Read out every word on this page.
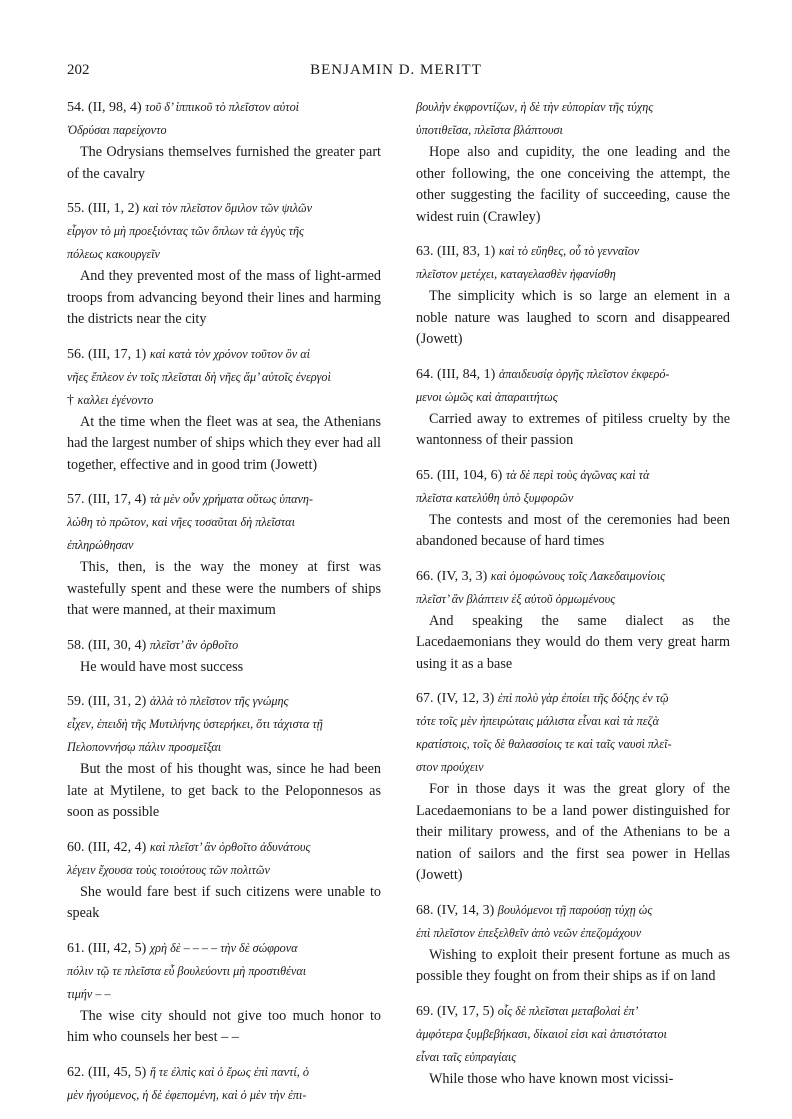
202	BENJAMIN D. MERITT
54. (II, 98, 4) τοῦ δ’ ἱππικοῦ τὸ πλεῖστον αὐτοὶ
Ὀδρύσαι παρείχοντο
The Odrysians themselves furnished the greater part of the cavalry
55. (III, 1, 2) καὶ τὸν πλεῖστον ὅμιλον τῶν ψιλῶν
εἶργον τὸ μὴ προεξιόντας τῶν ὅπλων τὰ ἐγγὺς τῆς
πόλεως κακουργεῖν
And they prevented most of the mass of light-armed troops from advancing beyond their lines and harming the districts near the city
56. (III, 17, 1) καὶ κατὰ τὸν χρόνον τοῦτον ὃν αἱ
νῆες ἔπλεον ἐν τοῖς πλεῖσται δὴ νῆες ἅμ’ αὐτοῖς ἐνεργοὶ
† καλλει ἐγένοντο
At the time when the fleet was at sea, the Athenians had the largest number of ships which they ever had all together, effective and in good trim (Jowett)
57. (III, 17, 4) τὰ μὲν οὖν χρήματα οὕτως ὑπανη-
λώθη τὸ πρῶτον, καὶ νῆες τοσαῦται δὴ πλεῖσται
ἐπληρώθησαν
This, then, is the way the money at first was wastefully spent and these were the numbers of ships that were manned, at their maximum
58. (III, 30, 4) πλεῖστ’ ἂν ὀρθοῖτο
He would have most success
59. (III, 31, 2) ἀλλὰ τὸ πλεῖστον τῆς γνώμης
εἶχεν, ἐπειδὴ τῆς Μυτιλήνης ὑστερήκει, ὅτι τάχιστα τῇ
Πελοποννήσῳ πάλιν προσμεῖξαι
But the most of his thought was, since he had been late at Mytilene, to get back to the Peloponnesos as soon as possible
60. (III, 42, 4) καὶ πλεῖστ’ ἂν ὀρθοῖτο ἀδυνάτους
λέγειν ἔχουσα τοὺς τοιούτους τῶν πολιτῶν
She would fare best if such citizens were unable to speak
61. (III, 42, 5) χρὴ δὲ – – – – τὴν δὲ σώφρονα
πόλιν τῷ τε πλεῖστα εὖ βουλεύοντι μὴ προστιθέναι
τιμήν – –
The wise city should not give too much honor to him who counsels her best – –
62. (III, 45, 5) ἥ τε ἐλπὶς καὶ ὁ ἔρως ἐπὶ παντί, ὁ
μὲν ἡγούμενος, ἡ δὲ ἐφεπομένη, καὶ ὁ μὲν τὴν ἐπι-
βουλὴν ἐκφροντίζων, ἡ δὲ τὴν εὐπορίαν τῆς τύχης
ὑποτιθεῖσα, πλεῖστα βλάπτουσι
Hope also and cupidity, the one leading and the other following, the one conceiving the attempt, the other suggesting the facility of succeeding, cause the widest ruin (Crawley)
63. (III, 83, 1) καὶ τὸ εὔηθες, οὗ τὸ γενναῖον
πλεῖστον μετέχει, καταγελασθὲν ἠφανίσθη
The simplicity which is so large an element in a noble nature was laughed to scorn and disappeared (Jowett)
64. (III, 84, 1) ἀπαιδευσίᾳ ὀργῆς πλεῖστον ἐκφερό-
μενοι ὠμῶς καὶ ἀπαραιτήτως
Carried away to extremes of pitiless cruelty by the wantonness of their passion
65. (III, 104, 6) τὰ δὲ περὶ τοὺς ἀγῶνας καὶ τὰ
πλεῖστα κατελύθη ὑπὸ ξυμφορῶν
The contests and most of the ceremonies had been abandoned because of hard times
66. (IV, 3, 3) καὶ ὁμοφώνους τοῖς Λακεδαιμονίοις
πλεῖστ’ ἂν βλάπτειν ἐξ αὐτοῦ ὁρμωμένους
And speaking the same dialect as the Lacedaemonians they would do them very great harm using it as a base
67. (IV, 12, 3) ἐπὶ πολὺ γὰρ ἐποίει τῆς δόξης ἐν τῷ
τότε τοῖς μὲν ἠπειρώταις μάλιστα εἶναι καὶ τὰ πεζὰ
κρατίστοις, τοῖς δὲ θαλασσίοις τε καὶ ταῖς ναυσὶ πλεῖ-
στον προύχειν
For in those days it was the great glory of the Lacedaemonians to be a land power distinguished for their military prowess, and of the Athenians to be a nation of sailors and the first sea power in Hellas (Jowett)
68. (IV, 14, 3) βουλόμενοι τῇ παρούσῃ τύχῃ ὡς
ἐπὶ πλεῖστον ἐπεξελθεῖν ἀπὸ νεῶν ἐπεζομάχουν
Wishing to exploit their present fortune as much as possible they fought on from their ships as if on land
69. (IV, 17, 5) οἷς δὲ πλεῖσται μεταβολαὶ ἐπ’
ἀμφότερα ξυμβεβήκασι, δίκαιοί εἰσι καὶ ἀπιστότατοι
εἶναι ταῖς εὐπραγίαις
While those who have known most vicissi-
